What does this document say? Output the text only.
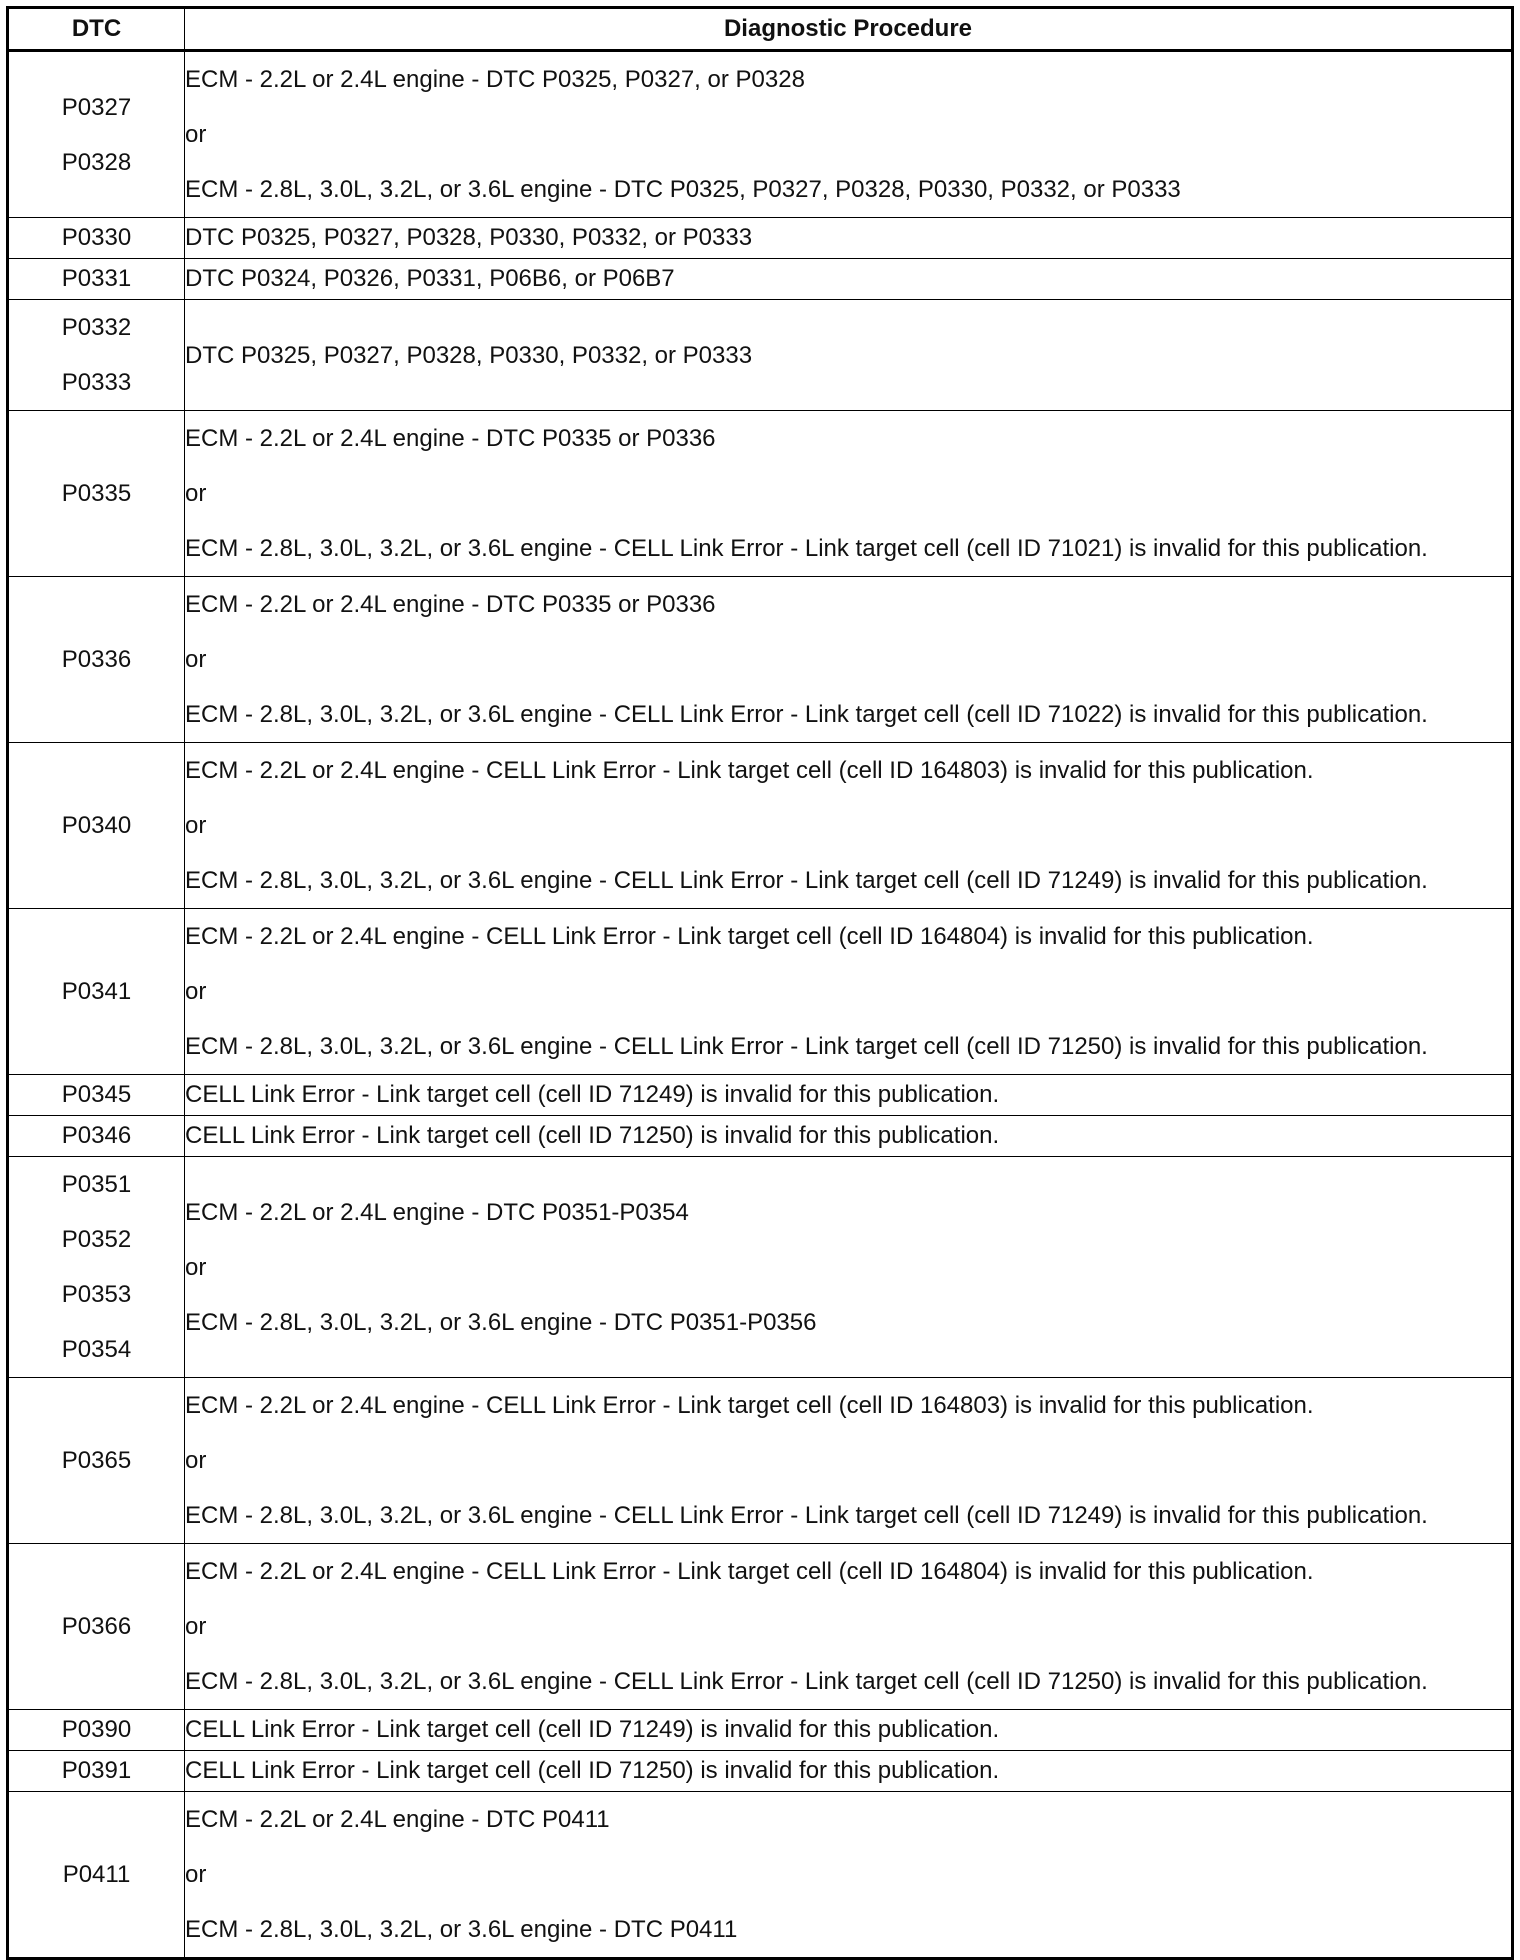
DTC	Diagnostic Procedure

P0327
P0328	ECM - 2.2L or 2.4L engine - DTC P0325, P0327, or P0328
or
ECM - 2.8L, 3.0L, 3.2L, or 3.6L engine - DTC P0325, P0327, P0328, P0330, P0332, or P0333

P0330	DTC P0325, P0327, P0328, P0330, P0332, or P0333

P0331	DTC P0324, P0326, P0331, P06B6, or P06B7

P0332
P0333	DTC P0325, P0327, P0328, P0330, P0332, or P0333

P0335	ECM - 2.2L or 2.4L engine - DTC P0335 or P0336
or
ECM - 2.8L, 3.0L, 3.2L, or 3.6L engine - CELL Link Error - Link target cell (cell ID 71021) is invalid for this publication.

P0336	ECM - 2.2L or 2.4L engine - DTC P0335 or P0336
or
ECM - 2.8L, 3.0L, 3.2L, or 3.6L engine - CELL Link Error - Link target cell (cell ID 71022) is invalid for this publication.

P0340	ECM - 2.2L or 2.4L engine - CELL Link Error - Link target cell (cell ID 164803) is invalid for this publication.
or
ECM - 2.8L, 3.0L, 3.2L, or 3.6L engine - CELL Link Error - Link target cell (cell ID 71249) is invalid for this publication.

P0341	ECM - 2.2L or 2.4L engine - CELL Link Error - Link target cell (cell ID 164804) is invalid for this publication.
or
ECM - 2.8L, 3.0L, 3.2L, or 3.6L engine - CELL Link Error - Link target cell (cell ID 71250) is invalid for this publication.

P0345	CELL Link Error - Link target cell (cell ID 71249) is invalid for this publication.

P0346	CELL Link Error - Link target cell (cell ID 71250) is invalid for this publication.

P0351
P0352
P0353
P0354	ECM - 2.2L or 2.4L engine - DTC P0351-P0354
or
ECM - 2.8L, 3.0L, 3.2L, or 3.6L engine - DTC P0351-P0356

P0365	ECM - 2.2L or 2.4L engine - CELL Link Error - Link target cell (cell ID 164803) is invalid for this publication.
or
ECM - 2.8L, 3.0L, 3.2L, or 3.6L engine - CELL Link Error - Link target cell (cell ID 71249) is invalid for this publication.

P0366	ECM - 2.2L or 2.4L engine - CELL Link Error - Link target cell (cell ID 164804) is invalid for this publication.
or
ECM - 2.8L, 3.0L, 3.2L, or 3.6L engine - CELL Link Error - Link target cell (cell ID 71250) is invalid for this publication.

P0390	CELL Link Error - Link target cell (cell ID 71249) is invalid for this publication.

P0391	CELL Link Error - Link target cell (cell ID 71250) is invalid for this publication.

P0411	ECM - 2.2L or 2.4L engine - DTC P0411
or
ECM - 2.8L, 3.0L, 3.2L, or 3.6L engine - DTC P0411
